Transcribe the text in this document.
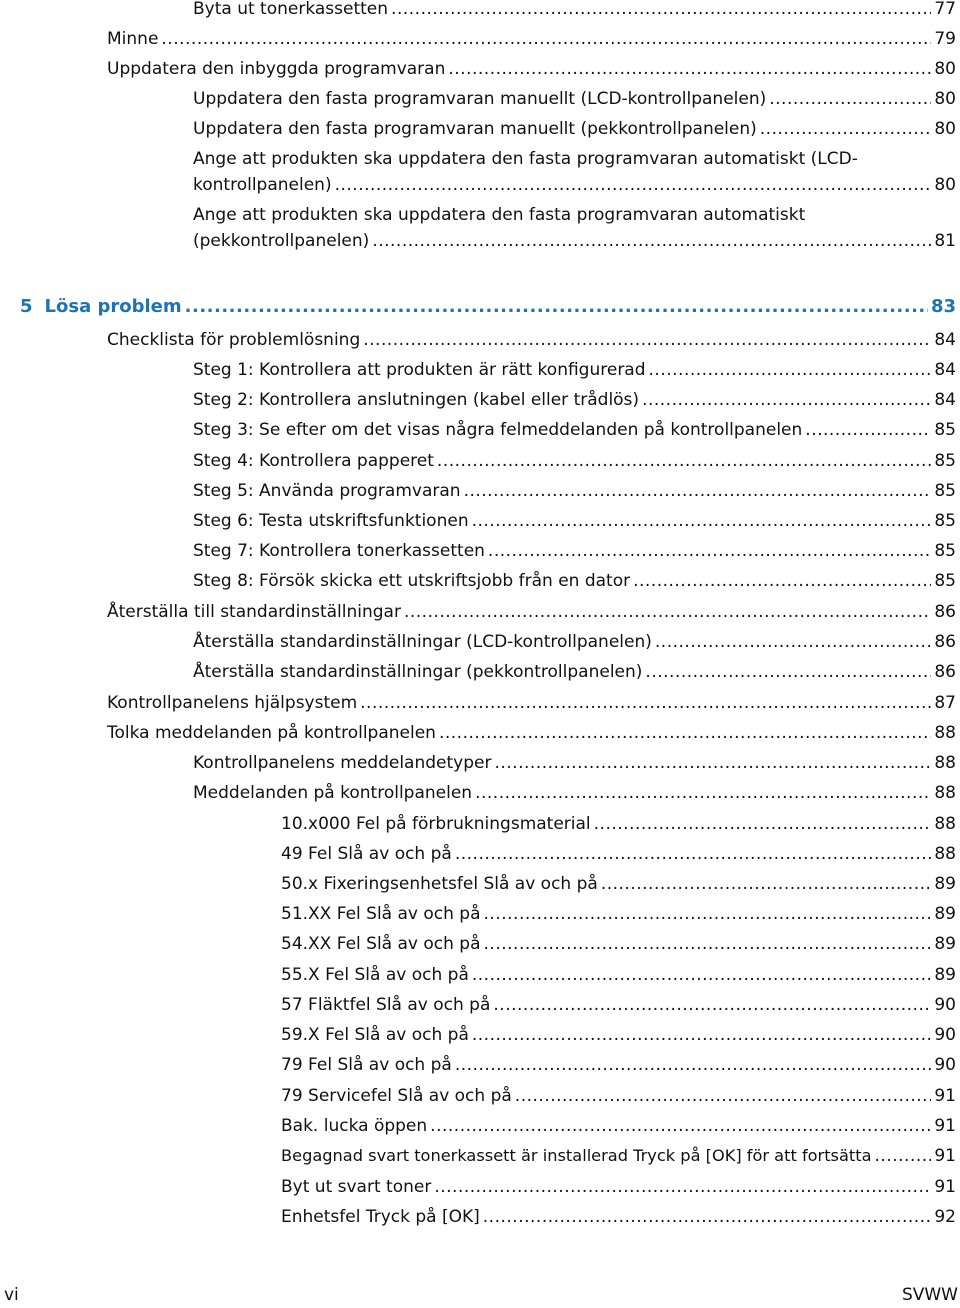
Byta ut tonerkassetten .....	77
Minne .....	79
Uppdatera den inbyggda programvaran .....	80
Uppdatera den fasta programvaran manuellt (LCD-kontrollpanelen) .....	80
Uppdatera den fasta programvaran manuellt (pekkontrollpanelen) .....	80
Ange att produkten ska uppdatera den fasta programvaran automatiskt (LCD-
kontrollpanelen) .....	80
Ange att produkten ska uppdatera den fasta programvaran automatiskt
(pekkontrollpanelen) .....	81
5 Lösa problem .....	83
Checklista för problemlösning .....	84
Steg 1: Kontrollera att produkten är rätt konfigurerad .....	84
Steg 2: Kontrollera anslutningen (kabel eller trådlös) .....	84
Steg 3: Se efter om det visas några felmeddelanden på kontrollpanelen .....	85
Steg 4: Kontrollera papperet .....	85
Steg 5: Använda programvaran .....	85
Steg 6: Testa utskriftsfunktionen .....	85
Steg 7: Kontrollera tonerkassetten .....	85
Steg 8: Försök skicka ett utskriftsjobb från en dator .....	85
Återställa till standardinställningar .....	86
Återställa standardinställningar (LCD-kontrollpanelen) .....	86
Återställa standardinställningar (pekkontrollpanelen) .....	86
Kontrollpanelens hjälpsystem .....	87
Tolka meddelanden på kontrollpanelen .....	88
Kontrollpanelens meddelandetyper .....	88
Meddelanden på kontrollpanelen .....	88
10.x000 Fel på förbrukningsmaterial .....	88
49 Fel Slå av och på .....	88
50.x Fixeringsenhetsfel Slå av och på .....	89
51.XX Fel Slå av och på .....	89
54.XX Fel Slå av och på .....	89
55.X Fel Slå av och på .....	89
57 Fläktfel Slå av och på .....	90
59.X Fel Slå av och på .....	90
79 Fel Slå av och på .....	90
79 Servicefel Slå av och på .....	91
Bak. lucka öppen .....	91
Begagnad svart tonerkassett är installerad Tryck på [OK] för att fortsätta .....	91
Byt ut svart toner .....	91
Enhetsfel Tryck på [OK] .....	92
vi	SVWW
